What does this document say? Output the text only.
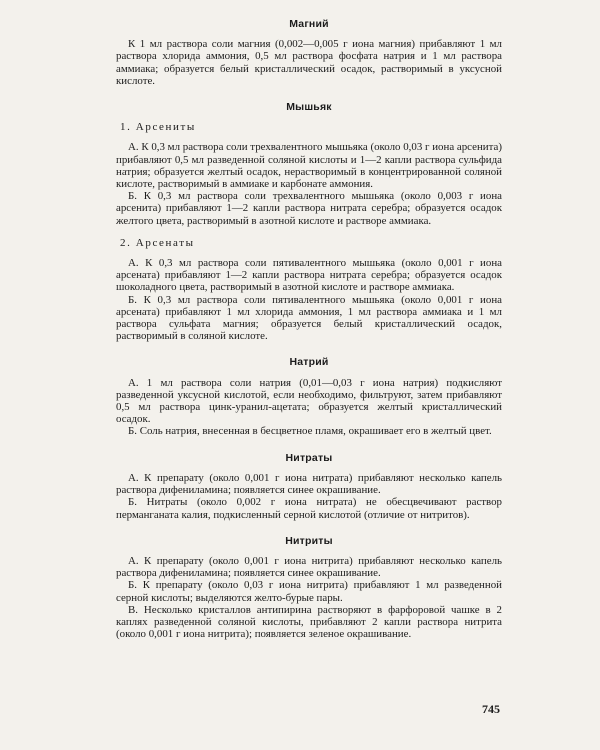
Магний

К 1 мл раствора соли магния (0,002—0,005 г иона магния) прибавляют 1 мл раствора хлорида аммония, 0,5 мл раствора фосфата натрия и 1 мл раствора аммиака; образуется белый кристаллический осадок, растворимый в уксусной кислоте.

Мышьяк
1. Арсениты

А. К 0,3 мл раствора соли трехвалентного мышьяка (около 0,03 г иона арсенита) прибавляют 0,5 мл разведенной соляной кислоты и 1—2 капли раствора сульфида натрия; образуется желтый осадок, нерастворимый в концентрированной соляной кислоте, растворимый в аммиаке и карбонате аммония.

Б. К 0,3 мл раствора соли трехвалентного мышьяка (около 0,003 г иона арсенита) прибавляют 1—2 капли раствора нитрата серебра; образуется осадок желтого цвета, растворимый в азотной кислоте и растворе аммиака.

2. Арсенаты

А. К 0,3 мл раствора соли пятивалентного мышьяка (около 0,001 г иона арсената) прибавляют 1—2 капли раствора нитрата серебра; образуется осадок шоколадного цвета, растворимый в азотной кислоте и растворе аммиака.

Б. К 0,3 мл раствора соли пятивалентного мышьяка (около 0,001 г иона арсената) прибавляют 1 мл хлорида аммония, 1 мл раствора аммиака и 1 мл раствора сульфата магния; образуется белый кристаллический осадок, растворимый в соляной кислоте.

Натрий

А. 1 мл раствора соли натрия (0,01—0,03 г иона натрия) подкисляют разведенной уксусной кислотой, если необходимо, фильтруют, затем прибавляют 0,5 мл раствора цинк-уранил-ацетата; образуется желтый кристаллический осадок.

Б. Соль натрия, внесенная в бесцветное пламя, окрашивает его в желтый цвет.

Нитраты

А. К препарату (около 0,001 г иона нитрата) прибавляют несколько капель раствора дифениламина; появляется синее окрашивание.

Б. Нитраты (около 0,002 г иона нитрата) не обесцвечивают раствор перманганата калия, подкисленный серной кислотой (отличие от нитритов).

Нитриты

А. К препарату (около 0,001 г иона нитрита) прибавляют несколько капель раствора дифениламина; появляется синее окрашивание.

Б. К препарату (около 0,03 г иона нитрита) прибавляют 1 мл разведенной серной кислоты; выделяются желто-бурые пары.

В. Несколько кристаллов антипирина растворяют в фарфоровой чашке в 2 каплях разведенной соляной кислоты, прибавляют 2 капли раствора нитрита (около 0,001 г иона нитрита); появляется зеленое окрашивание.

745
